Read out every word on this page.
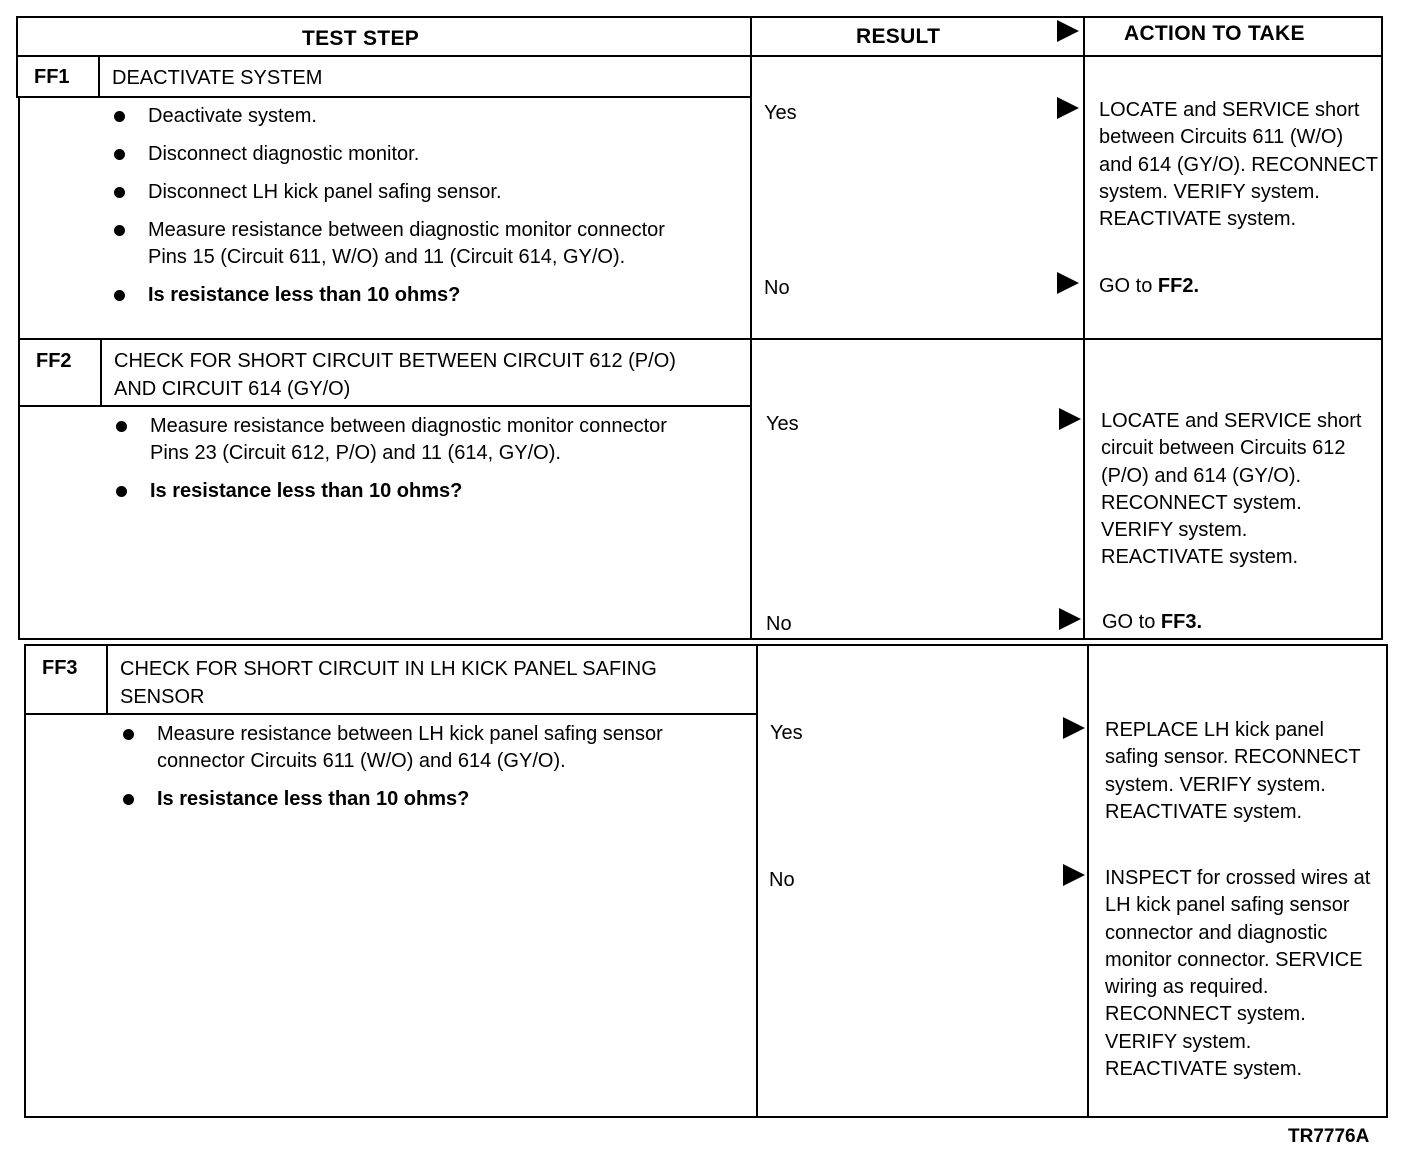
TEST STEP	RESULT	ACTION TO TAKE
FF1 DEACTIVATE SYSTEM
Deactivate system.
Disconnect diagnostic monitor.
Disconnect LH kick panel safing sensor.
Measure resistance between diagnostic monitor connector Pins 15 (Circuit 611, W/O) and 11 (Circuit 614, GY/O).
Is resistance less than 10 ohms?
Yes	LOCATE and SERVICE short between Circuits 611 (W/O) and 614 (GY/O). RECONNECT system. VERIFY system. REACTIVATE system.
No	GO to FF2.
FF2 CHECK FOR SHORT CIRCUIT BETWEEN CIRCUIT 612 (P/O) AND CIRCUIT 614 (GY/O)
Measure resistance between diagnostic monitor connector Pins 23 (Circuit 612, P/O) and 11 (614, GY/O).
Is resistance less than 10 ohms?
Yes	LOCATE and SERVICE short circuit between Circuits 612 (P/O) and 614 (GY/O). RECONNECT system. VERIFY system. REACTIVATE system.
No	GO to FF3.
FF3 CHECK FOR SHORT CIRCUIT IN LH KICK PANEL SAFING SENSOR
Measure resistance between LH kick panel safing sensor connector Circuits 611 (W/O) and 614 (GY/O).
Is resistance less than 10 ohms?
Yes	REPLACE LH kick panel safing sensor. RECONNECT system. VERIFY system. REACTIVATE system.
No	INSPECT for crossed wires at LH kick panel safing sensor connector and diagnostic monitor connector. SERVICE wiring as required. RECONNECT system. VERIFY system. REACTIVATE system.
TR7776A
